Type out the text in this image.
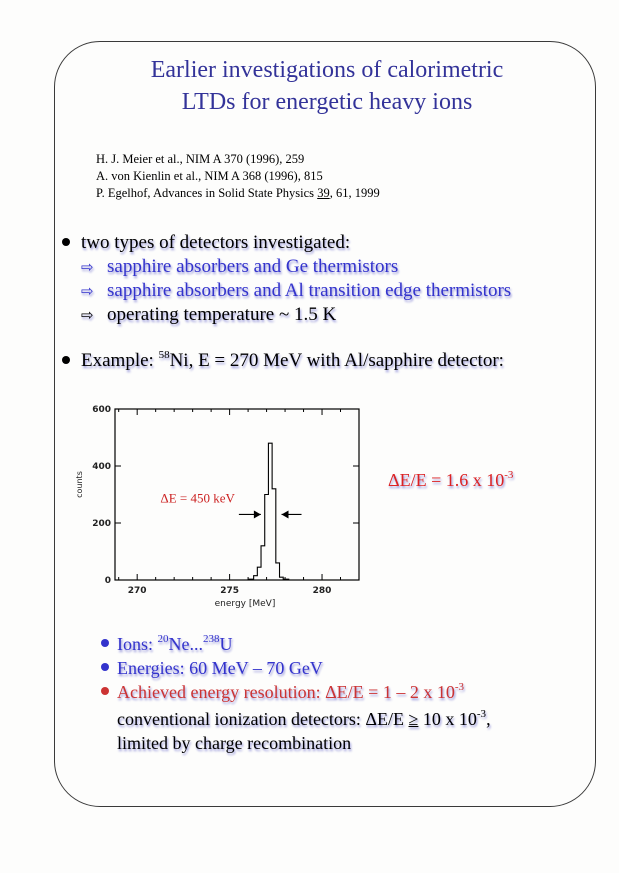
Earlier investigations of calorimetric
LTDs for energetic heavy ions
H. J. Meier et al., NIM A 370 (1996), 259
A. von Kienlin et al., NIM A 368 (1996), 815
P. Egelhof, Advances in Solid State Physics 39, 61, 1999
two types of detectors investigated:
⇨ sapphire absorbers and Ge thermistors
⇨ sapphire absorbers and Al transition edge thermistors
⇨ operating temperature ~ 1.5 K
Example: $^{58}$Ni, E = 270 MeV with Al/sapphire detector:
0
200
400
600
270	275	280
energy [MeV]
counts
ΔE = 450 keV
ΔE/E = 1.6 x $10^{-3}$
Ions: $^{20}$Ne...$^{238}$U
Energies: 60 MeV – 70 GeV
Achieved energy resolution: ΔE/E = 1 – 2 x $10^{-3}$
conventional ionization detectors: ΔE/E ≥ 10 x $10^{-3}$,
limited by charge recombination
